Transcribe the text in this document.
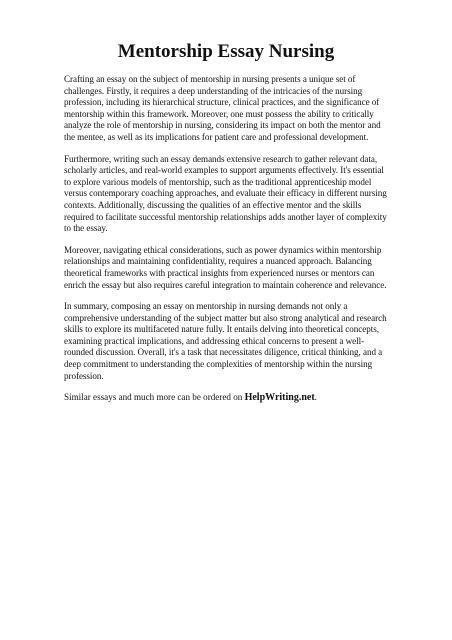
Mentorship Essay Nursing

Crafting an essay on the subject of mentorship in nursing presents a unique set of challenges. Firstly, it requires a deep understanding of the intricacies of the nursing profession, including its hierarchical structure, clinical practices, and the significance of mentorship within this framework. Moreover, one must possess the ability to critically analyze the role of mentorship in nursing, considering its impact on both the mentor and the mentee, as well as its implications for patient care and professional development.

Furthermore, writing such an essay demands extensive research to gather relevant data, scholarly articles, and real-world examples to support arguments effectively. It's essential to explore various models of mentorship, such as the traditional apprenticeship model versus contemporary coaching approaches, and evaluate their efficacy in different nursing contexts. Additionally, discussing the qualities of an effective mentor and the skills required to facilitate successful mentorship relationships adds another layer of complexity to the essay.

Moreover, navigating ethical considerations, such as power dynamics within mentorship relationships and maintaining confidentiality, requires a nuanced approach. Balancing theoretical frameworks with practical insights from experienced nurses or mentors can enrich the essay but also requires careful integration to maintain coherence and relevance.

In summary, composing an essay on mentorship in nursing demands not only a comprehensive understanding of the subject matter but also strong analytical and research skills to explore its multifaceted nature fully. It entails delving into theoretical concepts, examining practical implications, and addressing ethical concerns to present a well-rounded discussion. Overall, it's a task that necessitates diligence, critical thinking, and a deep commitment to understanding the complexities of mentorship within the nursing profession.

Similar essays and much more can be ordered on HelpWriting.net.
